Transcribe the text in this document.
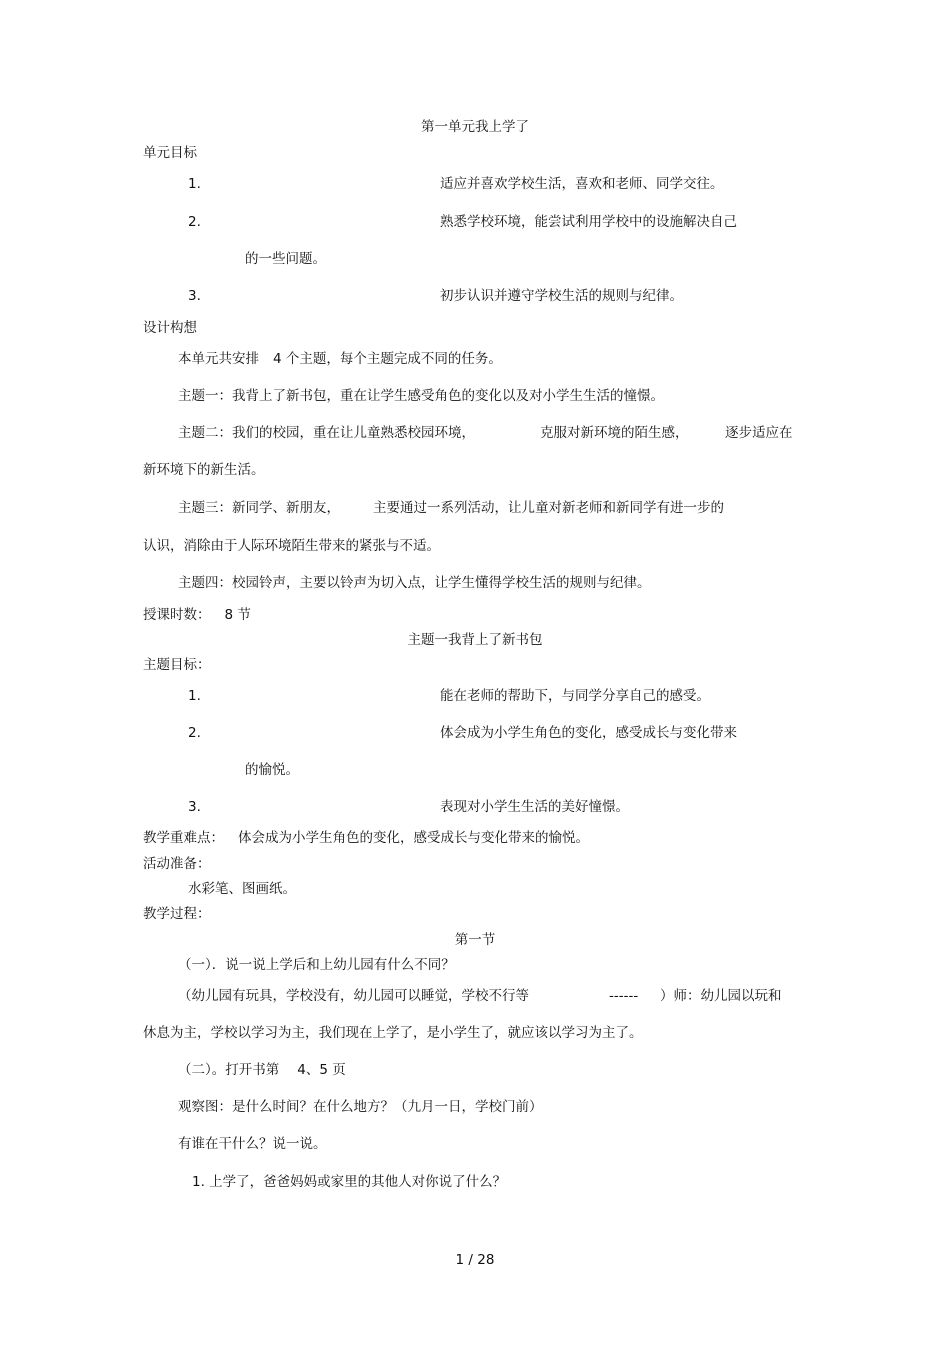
第一单元我上学了
单元目标
1.	适应并喜欢学校生活，喜欢和老师、同学交往。
2.	熟悉学校环境，能尝试利用学校中的设施解决自己
的一些问题。
3.	初步认识并遵守学校生活的规则与纪律。
设计构想
本单元共安排 4 个主题，每个主题完成不同的任务。
主题一：我背上了新书包，重在让学生感受角色的变化以及对小学生生活的憧憬。
主题二：我们的校园，重在让儿童熟悉校园环境，	克服对新环境的陌生感，	逐步适应在
新环境下的新生活。
主题三：新同学、新朋友， 主要通过一系列活动，让儿童对新老师和新同学有进一步的
认识，消除由于人际环境陌生带来的紧张与不适。
主题四：校园铃声，主要以铃声为切入点，让学生懂得学校生活的规则与纪律。
授课时数： 8 节
主题一我背上了新书包
主题目标：
1.	能在老师的帮助下，与同学分享自己的感受。
2.	体会成为小学生角色的变化，感受成长与变化带来
的愉悦。
3.	表现对小学生生活的美好憧憬。
教学重难点： 体会成为小学生角色的变化，感受成长与变化带来的愉悦。
活动准备：
水彩笔、图画纸。
教学过程：
第一节
（一）．说一说上学后和上幼儿园有什么不同？
（幼儿园有玩具，学校没有，幼儿园可以睡觉，学校不行等	------ ）师：幼儿园以玩和
休息为主，学校以学习为主，我们现在上学了，是小学生了，就应该以学习为主了。
（二）。打开书第 4、5 页
观察图：是什么时间？在什么地方？（九月一日，学校门前）
有谁在干什么？说一说。
1. 上学了，爸爸妈妈或家里的其他人对你说了什么？
1 / 28
